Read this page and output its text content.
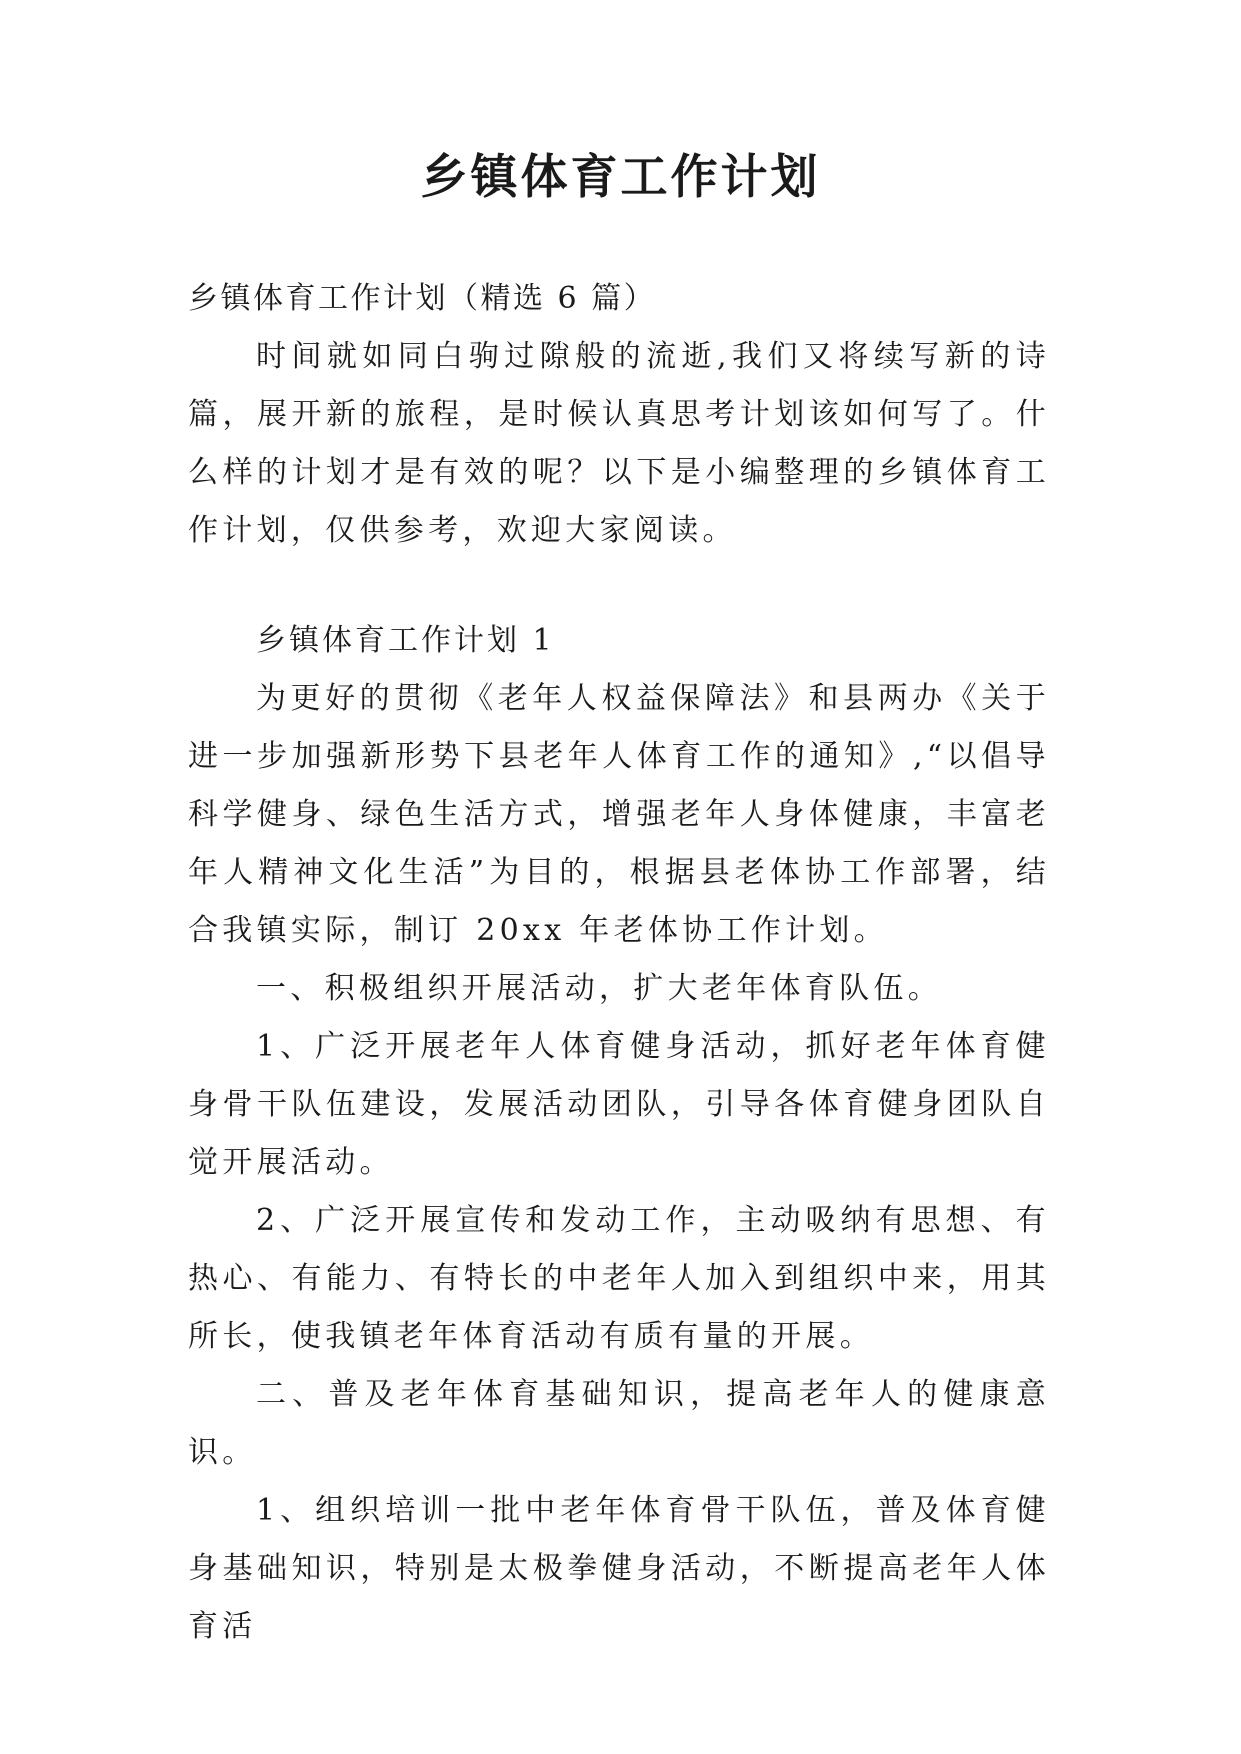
乡镇体育工作计划

乡镇体育工作计划（精选 6 篇）

时间就如同白驹过隙般的流逝,我们又将续写新的诗篇，展开新的旅程，是时候认真思考计划该如何写了。什么样的计划才是有效的呢？以下是小编整理的乡镇体育工作计划，仅供参考，欢迎大家阅读。

乡镇体育工作计划 1

为更好的贯彻《老年人权益保障法》和县两办《关于进一步加强新形势下县老年人体育工作的通知》,“以倡导科学健身、绿色生活方式，增强老年人身体健康，丰富老年人精神文化生活”为目的，根据县老体协工作部署，结合我镇实际，制订 20xx 年老体协工作计划。

一、积极组织开展活动，扩大老年体育队伍。

1、广泛开展老年人体育健身活动，抓好老年体育健身骨干队伍建设，发展活动团队，引导各体育健身团队自觉开展活动。

2、广泛开展宣传和发动工作，主动吸纳有思想、有热心、有能力、有特长的中老年人加入到组织中来，用其所长，使我镇老年体育活动有质有量的开展。

二、普及老年体育基础知识，提高老年人的健康意识。

1、组织培训一批中老年体育骨干队伍，普及体育健身基础知识，特别是太极拳健身活动，不断提高老年人体育活
